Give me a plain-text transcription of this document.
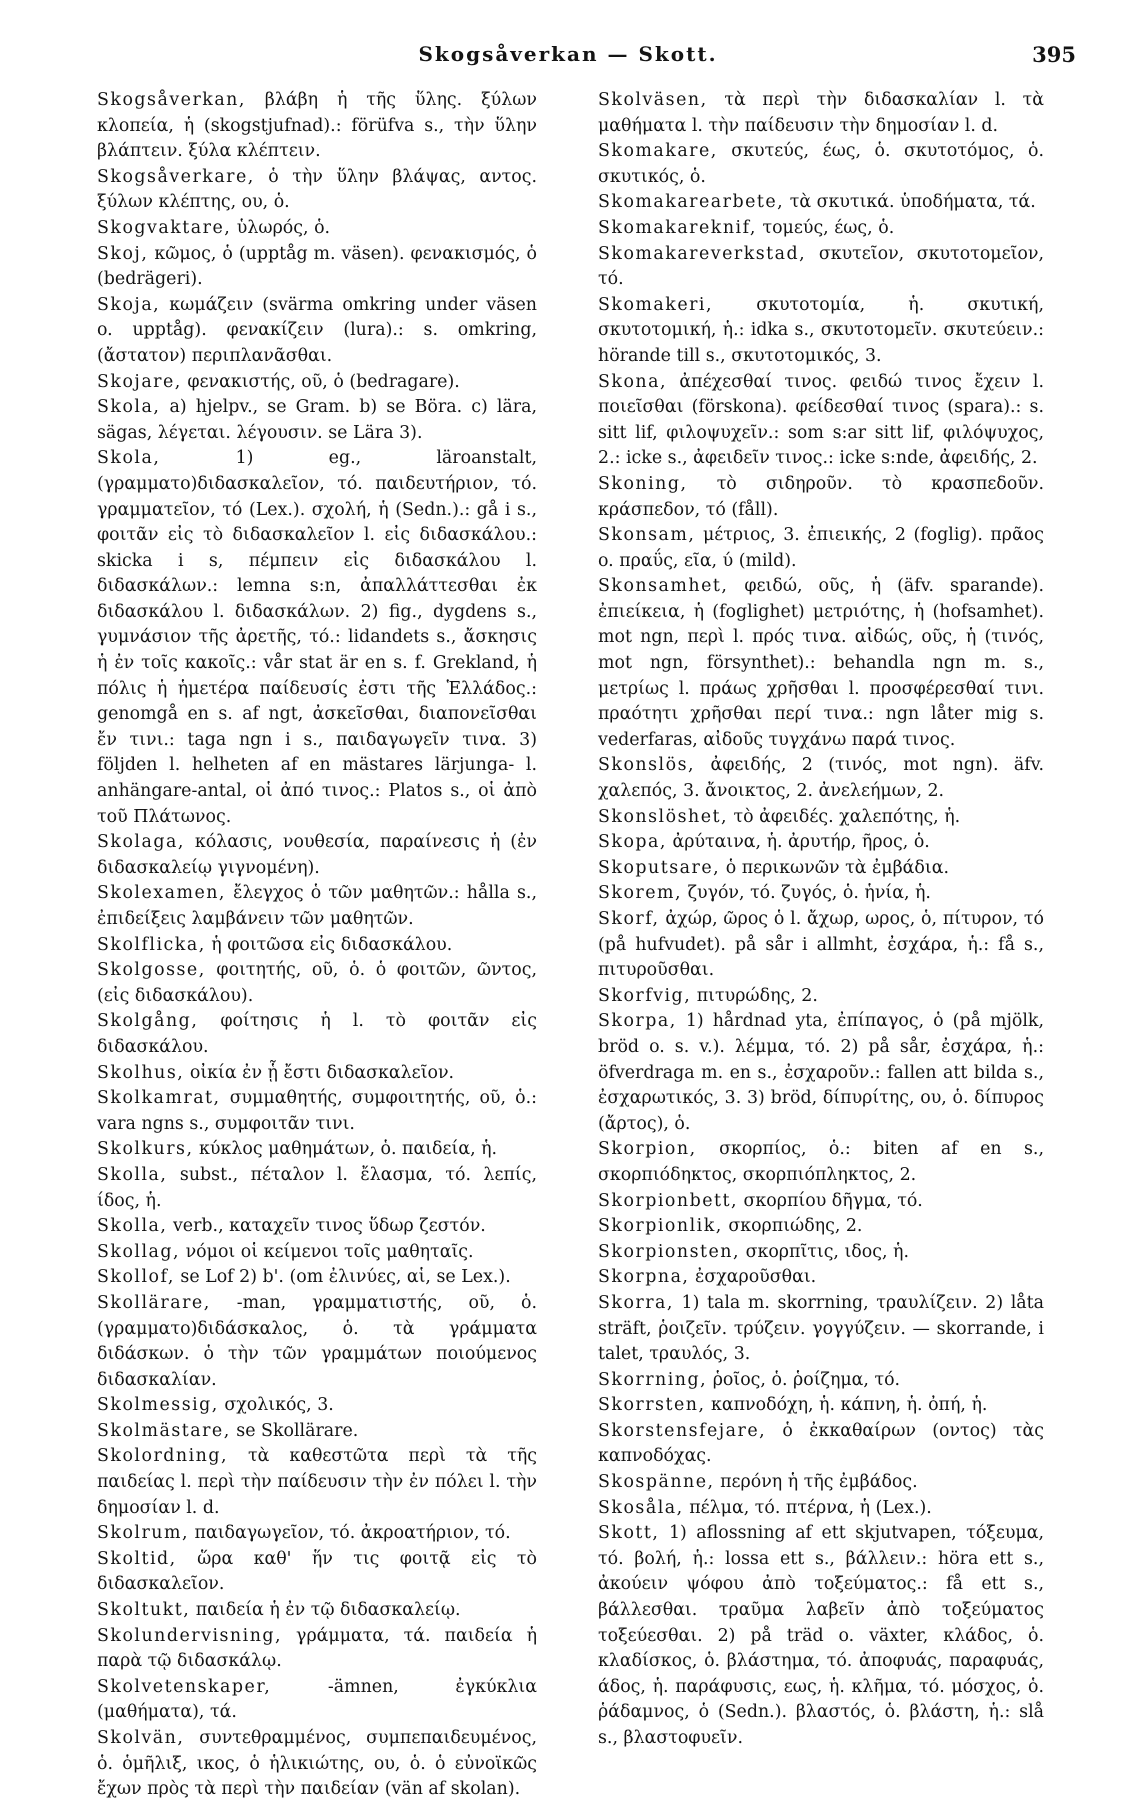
Skogsåverkan — Skott.	395

Skogsåverkan, βλάβη ἡ τῆς ὕλης. ξύλων κλοπεία, ἡ (skogstjufnad).: förüfva s., τὴν ὕλην βλάπτειν. ξύλα κλέπτειν.

Skogsåverkare, ὁ τὴν ὕλην βλάψας, αντος. ξύλων κλέπτης, ου, ὁ.

Skogvaktare, ὑλωρός, ὁ.

Skoj, κῶμος, ὁ (upptåg m. väsen). φενακισμός, ὁ (bedrägeri).

Skoja, κωμάζειν (svärma omkring under väsen o. upptåg). φενακίζειν (lura).: s. omkring, (ἄστατον) περιπλανᾶσθαι.

Skojare, φενακιστής, οῦ, ὁ (bedragare).

Skola, a) hjelpv., se Gram. b) se Böra. c) lära, sägas, λέγεται. λέγουσιν. se Lära 3).

Skola, 1) eg., läroanstalt, (γραμματο)διδασκαλεῖον, τό. παιδευτήριον, τό. γραμματεῖον, τό (Lex.). σχολή, ἡ (Sedn.).: gå i s., φοιτᾶν εἰς τὸ διδασκαλεῖον l. εἰς διδασκάλου.: skicka i s, πέμπειν εἰς διδασκάλου l. διδασκάλων.: lemna s:n, ἀπαλλάττεσθαι ἐκ διδασκάλου l. διδασκάλων. 2) fig., dygdens s., γυμνάσιον τῆς ἀρετῆς, τό.: lidandets s., ἄσκησις ἡ ἐν τοῖς κακοῖς.: vår stat är en s. f. Grekland, ἡ πόλις ἡ ἡμετέρα παίδευσίς ἐστι τῆς Ἑλλάδος.: genomgå en s. af ngt, ἀσκεῖσθαι, διαπονεῖσθαι ἔν τινι.: taga ngn i s., παιδαγωγεῖν τινα. 3) följden l. helheten af en mästares lärjunga- l. anhängare-antal, οἱ ἀπό τινος.: Platos s., οἱ ἀπὸ τοῦ Πλάτωνος.

Skolaga, κόλασις, νουθεσία, παραίνεσις ἡ (ἐν διδασκαλείῳ γιγνομένη).

Skolexamen, ἔλεγχος ὁ τῶν μαθητῶν.: hålla s., ἐπιδείξεις λαμβάνειν τῶν μαθητῶν.

Skolflicka, ἡ φοιτῶσα εἰς διδασκάλου.

Skolgosse, φοιτητής, οῦ, ὁ. ὁ φοιτῶν, ῶντος, (εἰς διδασκάλου).

Skolgång, φοίτησις ἡ l. τὸ φοιτᾶν εἰς διδασκάλου.

Skolhus, οἰκία ἐν ᾗ ἔστι διδασκαλεῖον.

Skolkamrat, συμμαθητής, συμφοιτητής, οῦ, ὁ.: vara ngns s., συμφοιτᾶν τινι.

Skolkurs, κύκλος μαθημάτων, ὁ. παιδεία, ἡ.

Skolla, subst., πέταλον l. ἔλασμα, τό. λεπίς, ίδος, ἡ.

Skolla, verb., καταχεῖν τινος ὕδωρ ζεστόν.

Skollag, νόμοι οἱ κείμενοι τοῖς μαθηταῖς.

Skollof, se Lof 2) b'. (om ἐλινύες, αἱ, se Lex.).

Skollärare, -man, γραμματιστής, οῦ, ὁ. (γραμματο)διδάσκαλος, ὁ. τὰ γράμματα διδάσκων. ὁ τὴν τῶν γραμμάτων ποιούμενος διδασκαλίαν.

Skolmessig, σχολικός, 3.

Skolmästare, se Skollärare.

Skolordning, τὰ καθεστῶτα περὶ τὰ τῆς παιδείας l. περὶ τὴν παίδευσιν τὴν ἐν πόλει l. τὴν δημοσίαν l. d.

Skolrum, παιδαγωγεῖον, τό. ἀκροατήριον, τό.

Skoltid, ὥρα καθ' ἥν τις φοιτᾷ εἰς τὸ διδασκαλεῖον.

Skoltukt, παιδεία ἡ ἐν τῷ διδασκαλείῳ.

Skolundervisning, γράμματα, τά. παιδεία ἡ παρὰ τῷ διδασκάλῳ.

Skolvetenskaper, -ämnen, ἐγκύκλια (μαθήματα), τά.

Skolvän, συντεθραμμένος, συμπεπαιδευμένος, ὁ. ὁμῆλιξ, ικος, ὁ ἡλικιώτης, ου, ὁ. ὁ εὐνοϊκῶς ἔχων πρὸς τὰ περὶ τὴν παιδείαν (vän af skolan).

Skolväsen, τὰ περὶ τὴν διδασκαλίαν l. τὰ μαθήματα l. τὴν παίδευσιν τὴν δημοσίαν l. d.

Skomakare, σκυτεύς, έως, ὁ. σκυτοτόμος, ὁ. σκυτικός, ὁ.

Skomakarearbete, τὰ σκυτικά. ὑποδήματα, τά.

Skomakareknif, τομεύς, έως, ὁ.

Skomakareverkstad, σκυτεῖον, σκυτοτομεῖον, τό.

Skomakeri, σκυτοτομία, ἡ. σκυτική, σκυτοτομική, ἡ.: idka s., σκυτοτομεῖν. σκυτεύειν.: hörande till s., σκυτοτομικός, 3.

Skona, ἀπέχεσθαί τινος. φειδώ τινος ἔχειν l. ποιεῖσθαι (förskona). φείδεσθαί τινος (spara).: s. sitt lif, φιλοψυχεῖν.: som s:ar sitt lif, φιλόψυχος, 2.: icke s., ἀφειδεῖν τινος.: icke s:nde, ἀφειδής, 2.

Skoning, τὸ σιδηροῦν. τὸ κρασπεδοῦν. κράσπεδον, τό (fåll).

Skonsam, μέτριος, 3. ἐπιεικής, 2 (foglig). πρᾶος o. πραΰς, εῖα, ύ (mild).

Skonsamhet, φειδώ, οῦς, ἡ (äfv. sparande). ἐπιείκεια, ἡ (foglighet) μετριότης, ἡ (hofsamhet). mot ngn, περὶ l. πρός τινα. αἰδώς, οῦς, ἡ (τινός, mot ngn, försynthet).: behandla ngn m. s., μετρίως l. πράως χρῆσθαι l. προσφέρεσθαί τινι. πραότητι χρῆσθαι περί τινα.: ngn låter mig s. vederfaras, αἰδοῦς τυγχάνω παρά τινος.

Skonslös, ἀφειδής, 2 (τινός, mot ngn). äfv. χαλεπός, 3. ἄνοικτος, 2. ἀνελεήμων, 2.

Skonslöshet, τὸ ἀφειδές. χαλεπότης, ἡ.

Skopa, ἀρύταινα, ἡ. ἀρυτήρ, ῆρος, ὁ.

Skoputsare, ὁ περικωνῶν τὰ ἐμβάδια.

Skorem, ζυγόν, τό. ζυγός, ὁ. ἡνία, ἡ.

Skorf, ἀχώρ, ῶρος ὁ l. ἄχωρ, ωρος, ὁ, πίτυρον, τό (på hufvudet). på sår i allmht, ἐσχάρα, ἡ.: få s., πιτυροῦσθαι.

Skorfvig, πιτυρώδης, 2.

Skorpa, 1) hårdnad yta, ἐπίπαγος, ὁ (på mjölk, bröd o. s. v.). λέμμα, τό. 2) på sår, ἐσχάρα, ἡ.: öfverdraga m. en s., ἐσχαροῦν.: fallen att bilda s., ἐσχαρωτικός, 3. 3) bröd, δίπυρίτης, ου, ὁ. δίπυρος (ἄρτος), ὁ.

Skorpion, σκορπίος, ὁ.: biten af en s., σκορπιόδηκτος, σκορπιόπληκτος, 2.

Skorpionbett, σκορπίου δῆγμα, τό.

Skorpionlik, σκορπιώδης, 2.

Skorpionsten, σκορπῖτις, ιδος, ἡ.

Skorpna, ἐσχαροῦσθαι.

Skorra, 1) tala m. skorrning, τραυλίζειν. 2) låta sträft, ῥοιζεῖν. τρύζειν. γογγύζειν. — skorrande, i talet, τραυλός, 3.

Skorrning, ῥοῖος, ὁ. ῥοίζημα, τό.

Skorrsten, καπνοδόχη, ἡ. κάπνη, ἡ. ὀπή, ἡ.

Skorstensfejare, ὁ ἐκκαθαίρων (οντος) τὰς καπνοδόχας.

Skospänne, περόνη ἡ τῆς ἐμβάδος.

Skosåla, πέλμα, τό. πτέρνα, ἡ (Lex.).

Skott, 1) aflossning af ett skjutvapen, τόξευμα, τό. βολή, ἡ.: lossa ett s., βάλλειν.: höra ett s., ἀκούειν ψόφου ἀπὸ τοξεύματος.: få ett s., βάλλεσθαι. τραῦμα λαβεῖν ἀπὸ τοξεύματος τοξεύεσθαι. 2) på träd o. växter, κλάδος, ὁ. κλαδίσκος, ὁ. βλάστημα, τό. ἀποφυάς, παραφυάς, άδος, ἡ. παράφυσις, εως, ἡ. κλῆμα, τό. μόσχος, ὁ. ῥάδαμνος, ὁ (Sedn.). βλαστός, ὁ. βλάστη, ἡ.: slå s., βλαστοφυεῖν.
